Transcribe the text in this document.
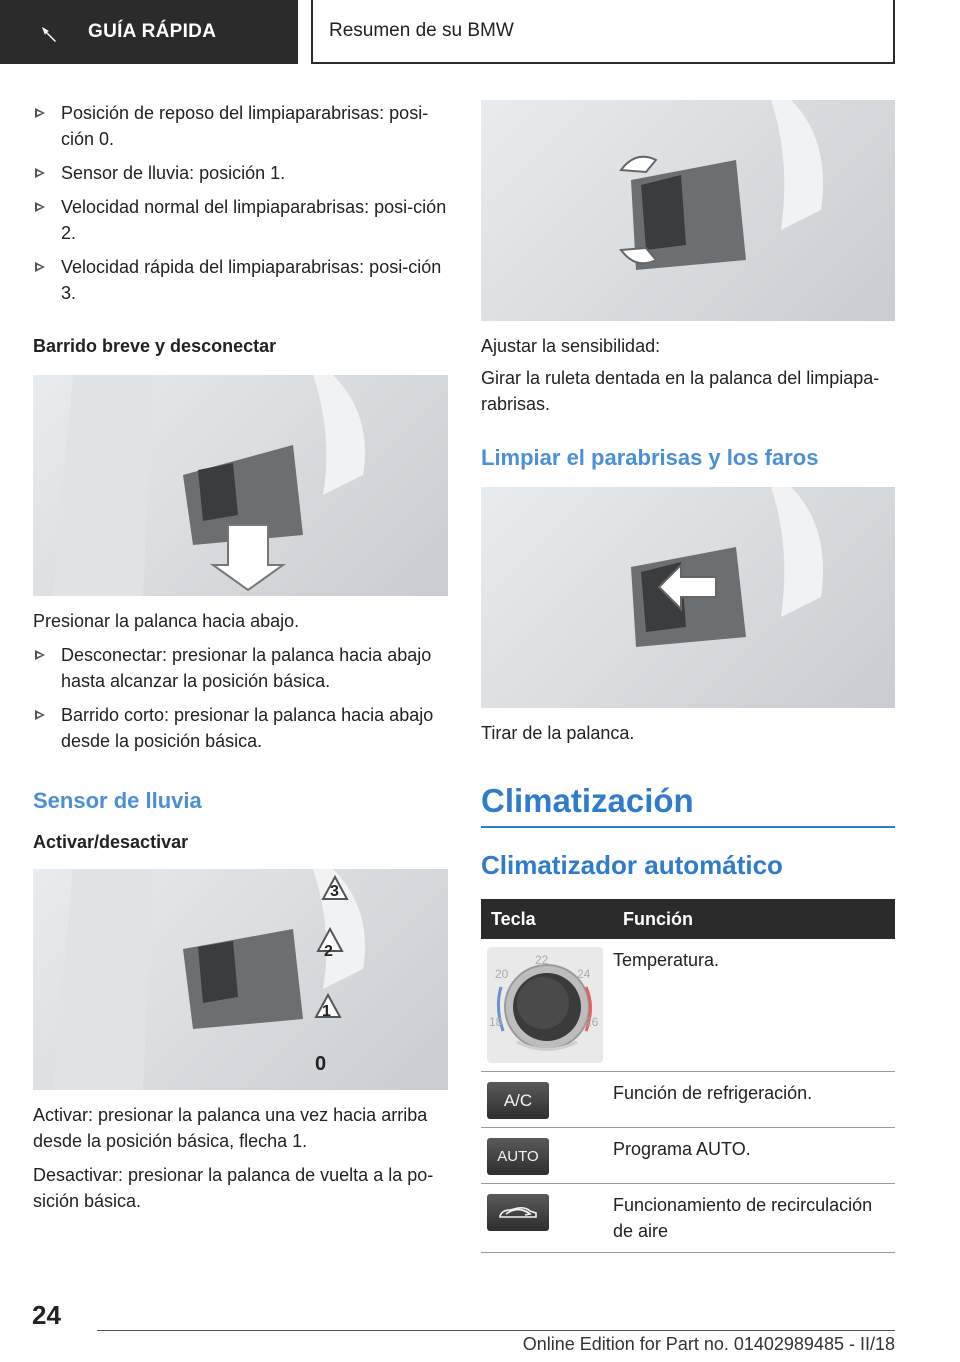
GUÍA RÁPIDA	Resumen de su BMW
Posición de reposo del limpiaparabrisas: posi-ción 0.
Sensor de lluvia: posición 1.
Velocidad normal del limpiaparabrisas: posi-ción 2.
Velocidad rápida del limpiaparabrisas: posi-ción 3.
Barrido breve y desconectar

Presionar la palanca hacia abajo.

Desconectar: presionar la palanca hacia abajo hasta alcanzar la posición básica.
Barrido corto: presionar la palanca hacia abajo desde la posición básica.
Sensor de lluvia
Activar/desactivar
3
2
1
0

Activar: presionar la palanca una vez hacia arriba desde la posición básica, flecha 1.

Desactivar: presionar la palanca de vuelta a la po-sición básica.

Ajustar la sensibilidad:

Girar la ruleta dentada en la palanca del limpiapa-rabrisas.

Limpiar el parabrisas y los faros

Tirar de la palanca.

Climatización
Climatizador automático
Tecla	Función

18
20
22
24
26	Temperatura.

A/C	Función de refrigeración.

AUTO	Programa AUTO.

	Funcionamiento de recirculación de aire
24
Online Edition for Part no. 01402989485 - II/18
